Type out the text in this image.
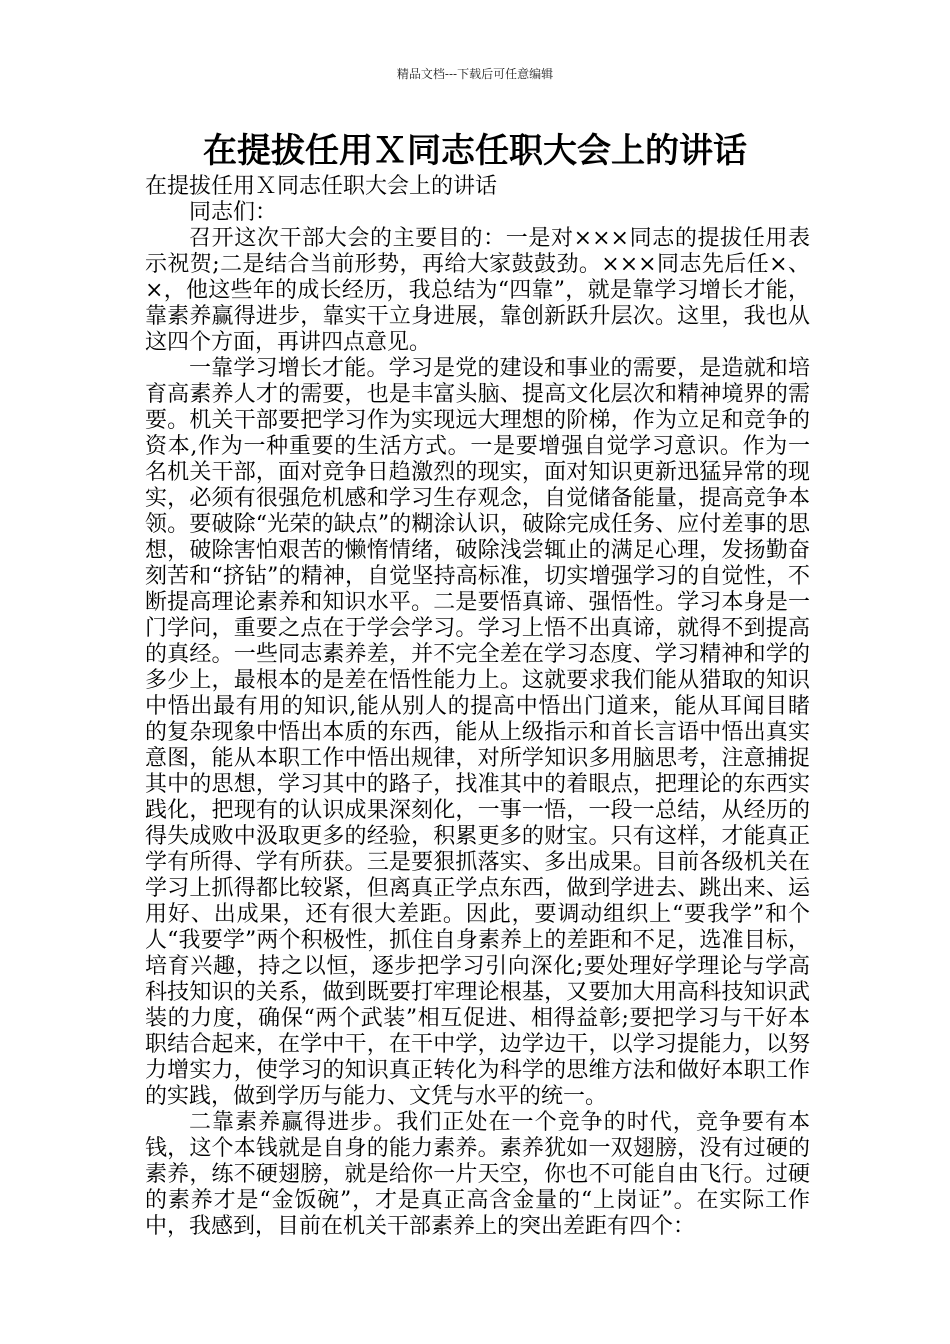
精品文档---下载后可任意编辑
在提拔任用Ｘ同志任职大会上的讲话

在提拔任用Ｘ同志任职大会上的讲话

同志们：

召开这次干部大会的主要目的：一是对×××同志的提拔任用表示祝贺;二是结合当前形势，再给大家鼓鼓劲。×××同志先后任×、×，他这些年的成长经历，我总结为“四靠”，就是靠学习增长才能，靠素养赢得进步，靠实干立身进展，靠创新跃升层次。这里，我也从这四个方面，再讲四点意见。

一靠学习增长才能。学习是党的建设和事业的需要，是造就和培育高素养人才的需要，也是丰富头脑、提高文化层次和精神境界的需要。机关干部要把学习作为实现远大理想的阶梯，作为立足和竞争的资本,作为一种重要的生活方式。一是要增强自觉学习意识。作为一名机关干部，面对竞争日趋激烈的现实，面对知识更新迅猛异常的现实，必须有很强危机感和学习生存观念，自觉储备能量，提高竞争本领。要破除“光荣的缺点”的糊涂认识，破除完成任务、应付差事的思想，破除害怕艰苦的懒惰情绪，破除浅尝辄止的满足心理，发扬勤奋刻苦和“挤钻”的精神，自觉坚持高标准，切实增强学习的自觉性，不断提高理论素养和知识水平。二是要悟真谛、强悟性。学习本身是一门学问，重要之点在于学会学习。学习上悟不出真谛，就得不到提高的真经。一些同志素养差，并不完全差在学习态度、学习精神和学的多少上，最根本的是差在悟性能力上。这就要求我们能从猎取的知识中悟出最有用的知识,能从别人的提高中悟出门道来，能从耳闻目睹的复杂现象中悟出本质的东西，能从上级指示和首长言语中悟出真实意图，能从本职工作中悟出规律，对所学知识多用脑思考，注意捕捉其中的思想，学习其中的路子，找准其中的着眼点，把理论的东西实践化，把现有的认识成果深刻化，一事一悟，一段一总结，从经历的得失成败中汲取更多的经验，积累更多的财宝。只有这样，才能真正学有所得、学有所获。三是要狠抓落实、多出成果。目前各级机关在学习上抓得都比较紧，但离真正学点东西，做到学进去、跳出来、运用好、出成果，还有很大差距。因此，要调动组织上“要我学”和个人“我要学”两个积极性，抓住自身素养上的差距和不足，选准目标，培育兴趣，持之以恒，逐步把学习引向深化;要处理好学理论与学高科技知识的关系，做到既要打牢理论根基，又要加大用高科技知识武装的力度，确保“两个武装”相互促进、相得益彰;要把学习与干好本职结合起来，在学中干，在干中学，边学边干，以学习提能力，以努力增实力，使学习的知识真正转化为科学的思维方法和做好本职工作的实践，做到学历与能力、文凭与水平的统一。

二靠素养赢得进步。我们正处在一个竞争的时代，竞争要有本钱，这个本钱就是自身的能力素养。素养犹如一双翅膀，没有过硬的素养，练不硬翅膀，就是给你一片天空，你也不可能自由飞行。过硬的素养才是“金饭碗”，才是真正高含金量的“上岗证”。在实际工作中，我感到，目前在机关干部素养上的突出差距有四个：
